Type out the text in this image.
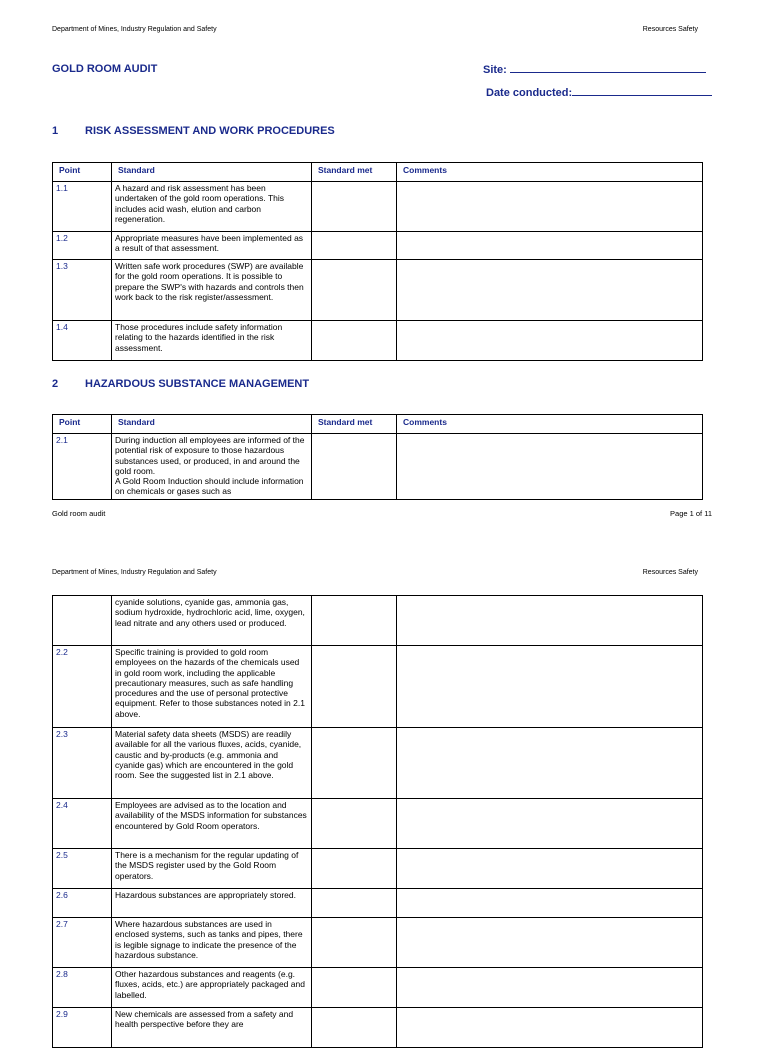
Department of Mines, Industry Regulation and Safety	Resources Safety
GOLD ROOM AUDIT	Site:
Date conducted:
1 RISK ASSESSMENT AND WORK PROCEDURES
Point	Standard	Standard met	Comments
1.1	A hazard and risk assessment has been undertaken of the gold room operations. This includes acid wash, elution and carbon regeneration.		
1.2	Appropriate measures have been implemented as a result of that assessment.		
1.3	Written safe work procedures (SWP) are available for the gold room operations. It is possible to prepare the SWP's with hazards and controls then work back to the risk register/assessment.		
1.4	Those procedures include safety information relating to the hazards identified in the risk assessment.		
2 HAZARDOUS SUBSTANCE MANAGEMENT
Point	Standard	Standard met	Comments
2.1	During induction all employees are informed of the potential risk of exposure to those hazardous substances used, or produced, in and around the gold room.
A Gold Room Induction should include information on chemicals or gases such as		
Gold room audit	Page 1 of 11
Department of Mines, Industry Regulation and Safety	Resources Safety
	cyanide solutions, cyanide gas, ammonia gas, sodium hydroxide, hydrochloric acid, lime, oxygen, lead nitrate and any others used or produced.		
2.2	Specific training is provided to gold room employees on the hazards of the chemicals used in gold room work, including the applicable precautionary measures, such as safe handling procedures and the use of personal protective equipment. Refer to those substances noted in 2.1 above.		
2.3	Material safety data sheets (MSDS) are readily available for all the various fluxes, acids, cyanide, caustic and by-products (e.g. ammonia and cyanide gas) which are encountered in the gold room. See the suggested list in 2.1 above.		
2.4	Employees are advised as to the location and availability of the MSDS information for substances encountered by Gold Room operators.		
2.5	There is a mechanism for the regular updating of the MSDS register used by the Gold Room operators.		
2.6	Hazardous substances are appropriately stored.		
2.7	Where hazardous substances are used in enclosed systems, such as tanks and pipes, there is legible signage to indicate the presence of the hazardous substance.		
2.8	Other hazardous substances and reagents (e.g. fluxes, acids, etc.) are appropriately packaged and labelled.		
2.9	New chemicals are assessed from a safety and health perspective before they are		
